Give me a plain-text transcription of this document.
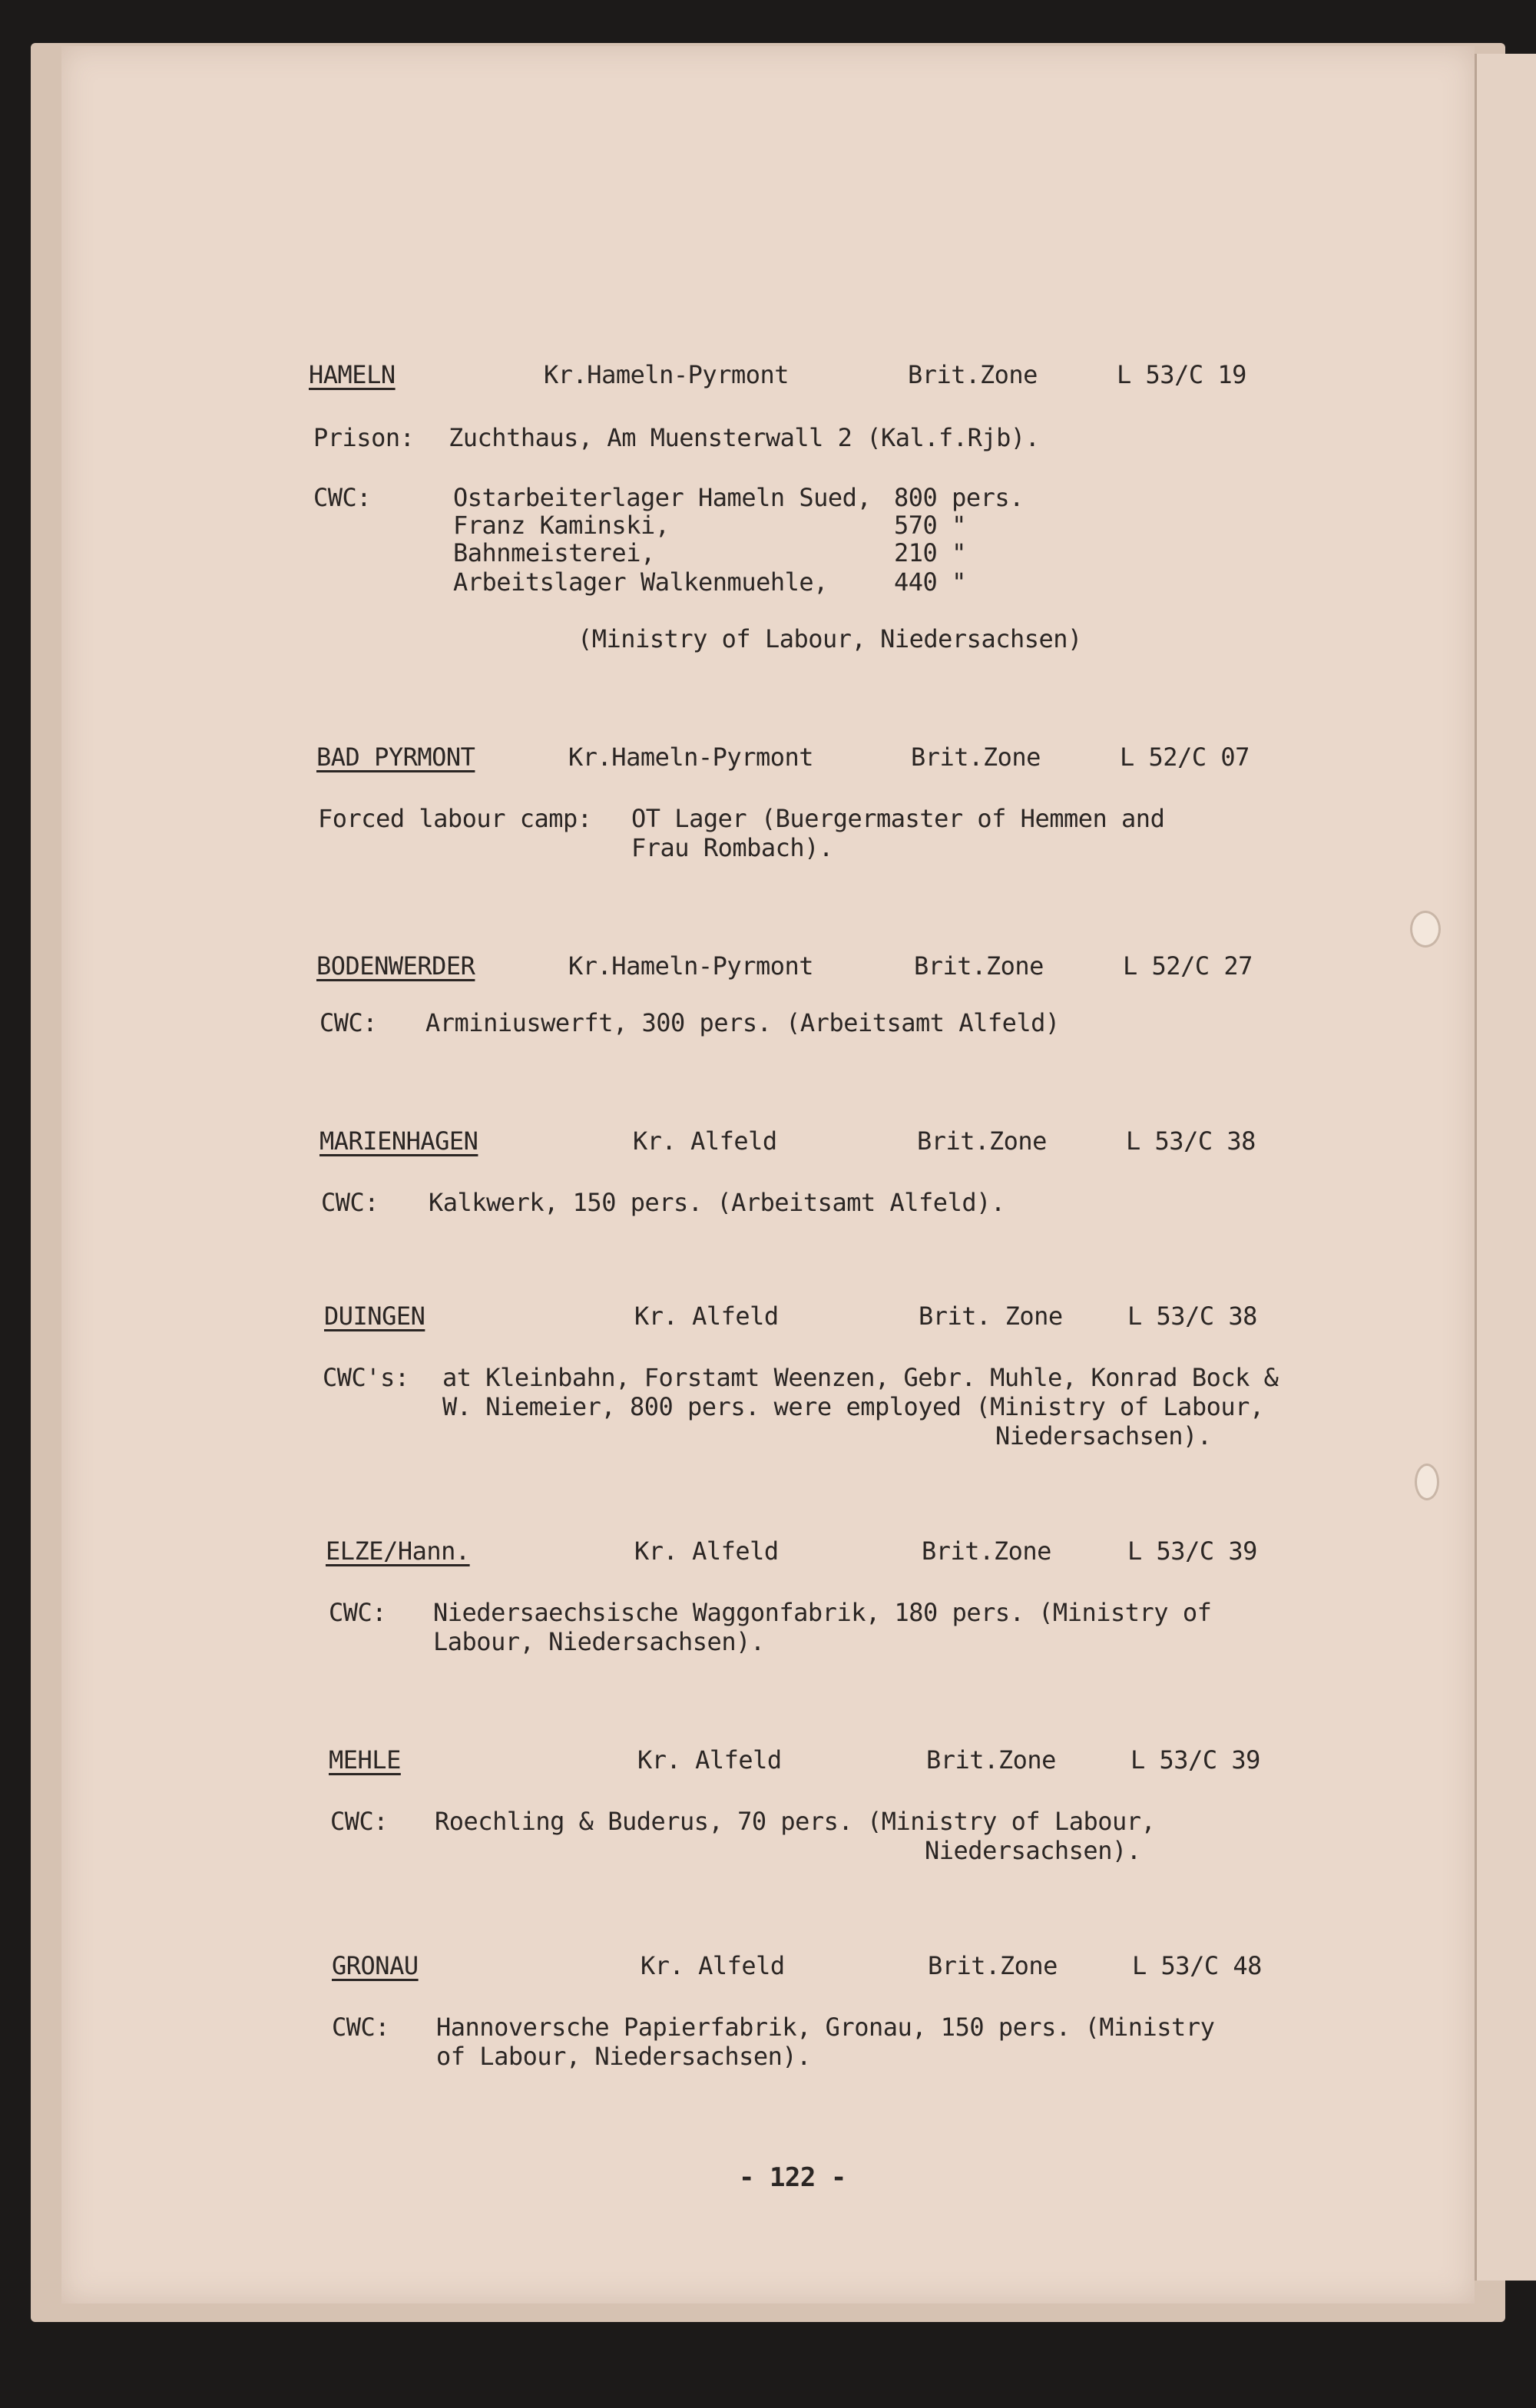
HAMELN	Kr.Hameln-Pyrmont	Brit.Zone	L 53/C 19
Prison: Zuchthaus, Am Muensterwall 2 (Kal.f.Rjb).
CWC:	Ostarbeiterlager Hameln Sued, 800 pers.
Franz Kaminski,	570 "
Bahnmeisterei,	210 "
Arbeitslager Walkenmuehle,	440 "
(Ministry of Labour, Niedersachsen)
BAD PYRMONT	Kr.Hameln-Pyrmont	Brit.Zone	L 52/C 07
Forced labour camp: OT Lager (Buergermaster of Hemmen and
Frau Rombach).
BODENWERDER	Kr.Hameln-Pyrmont	Brit.Zone	L 52/C 27
CWC: Arminiuswerft, 300 pers. (Arbeitsamt Alfeld)
MARIENHAGEN	Kr. Alfeld	Brit.Zone	L 53/C 38
CWC: Kalkwerk, 150 pers. (Arbeitsamt Alfeld).
DUINGEN	Kr. Alfeld	Brit. Zone	L 53/C 38
CWC's: at Kleinbahn, Forstamt Weenzen, Gebr. Muhle, Konrad Bock &
W. Niemeier, 800 pers. were employed (Ministry of Labour,
Niedersachsen).
ELZE/Hann.	Kr. Alfeld	Brit.Zone	L 53/C 39
CWC: Niedersaechsische Waggonfabrik, 180 pers. (Ministry of
Labour, Niedersachsen).
MEHLE	Kr. Alfeld	Brit.Zone	L 53/C 39
CWC: Roechling & Buderus, 70 pers. (Ministry of Labour,
Niedersachsen).
GRONAU	Kr. Alfeld	Brit.Zone	L 53/C 48
CWC: Hannoversche Papierfabrik, Gronau, 150 pers. (Ministry
of Labour, Niedersachsen).
- 122 -
